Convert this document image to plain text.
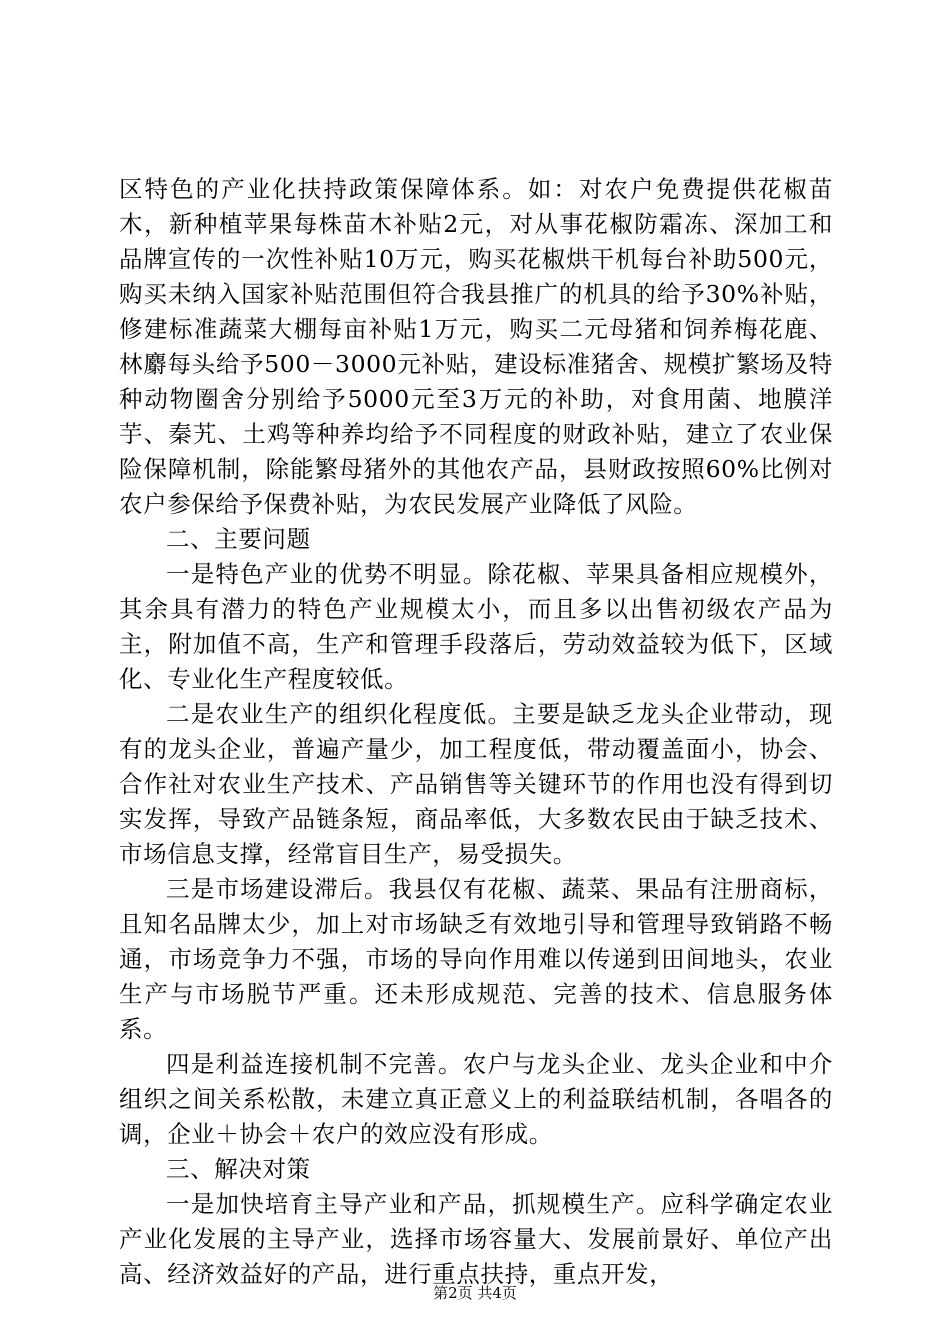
区特色的产业化扶持政策保障体系。如：对农户免费提供花椒苗木，新种植苹果每株苗木补贴2元，对从事花椒防霜冻、深加工和品牌宣传的一次性补贴10万元，购买花椒烘干机每台补助500元，购买未纳入国家补贴范围但符合我县推广的机具的给予30%补贴，修建标准蔬菜大棚每亩补贴1万元，购买二元母猪和饲养梅花鹿、林麝每头给予500－3000元补贴，建设标准猪舍、规模扩繁场及特种动物圈舍分别给予5000元至3万元的补助，对食用菌、地膜洋芋、秦艽、土鸡等种养均给予不同程度的财政补贴，建立了农业保险保障机制，除能繁母猪外的其他农产品，县财政按照60%比例对农户参保给予保费补贴，为农民发展产业降低了风险。

二、主要问题

一是特色产业的优势不明显。除花椒、苹果具备相应规模外，其余具有潜力的特色产业规模太小，而且多以出售初级农产品为主，附加值不高，生产和管理手段落后，劳动效益较为低下，区域化、专业化生产程度较低。

二是农业生产的组织化程度低。主要是缺乏龙头企业带动，现有的龙头企业，普遍产量少，加工程度低，带动覆盖面小，协会、合作社对农业生产技术、产品销售等关键环节的作用也没有得到切实发挥，导致产品链条短，商品率低，大多数农民由于缺乏技术、市场信息支撑，经常盲目生产，易受损失。

三是市场建设滞后。我县仅有花椒、蔬菜、果品有注册商标，且知名品牌太少，加上对市场缺乏有效地引导和管理导致销路不畅通，市场竞争力不强，市场的导向作用难以传递到田间地头，农业生产与市场脱节严重。还未形成规范、完善的技术、信息服务体系。

四是利益连接机制不完善。农户与龙头企业、龙头企业和中介组织之间关系松散，未建立真正意义上的利益联结机制，各唱各的调，企业＋协会＋农户的效应没有形成。

三、解决对策

一是加快培育主导产业和产品，抓规模生产。应科学确定农业产业化发展的主导产业，选择市场容量大、发展前景好、单位产出高、经济效益好的产品，进行重点扶持，重点开发，

第2页 共4页
